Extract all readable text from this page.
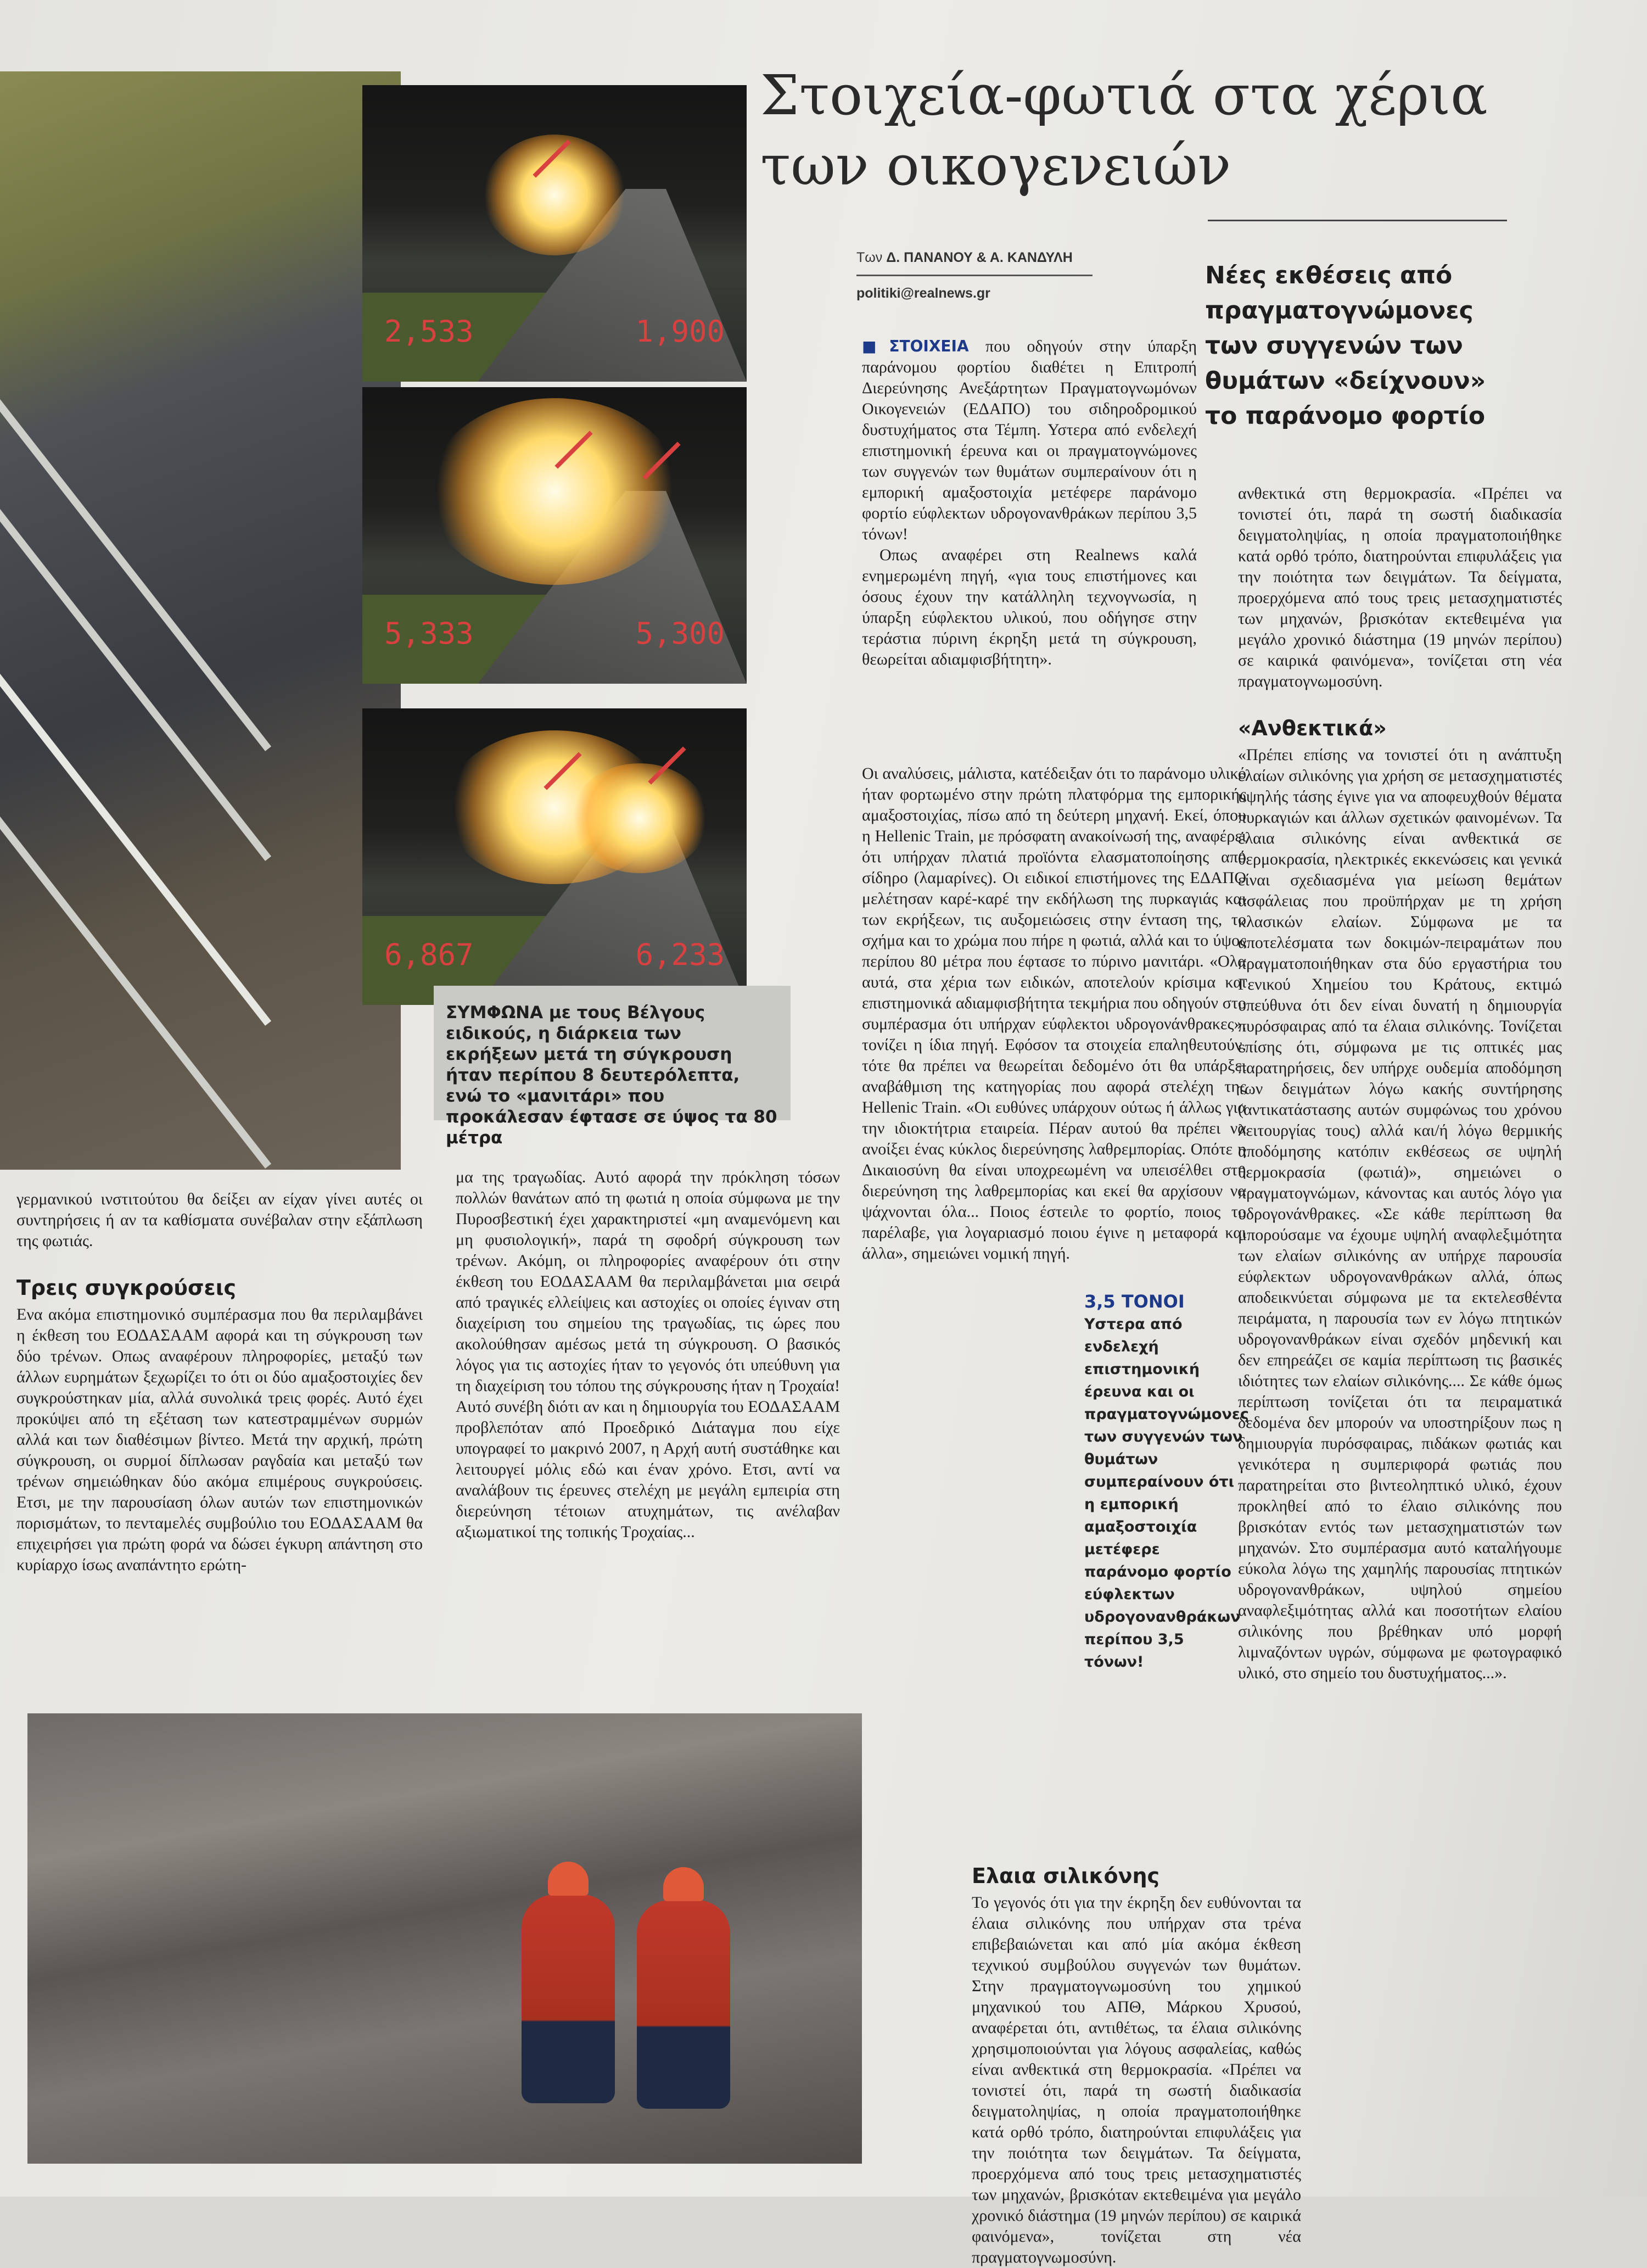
2,533	1,900
5,333	5,300
6,867	6,233
ΣΥΜΦΩΝΑ με τους Βέλγους ειδικούς, η διάρκεια των εκρήξεων μετά τη σύγκρουση ήταν περίπου 8 δευτερόλεπτα, ενώ το «μανιτάρι» που προκάλεσαν έφτασε σε ύψος τα 80 μέτρα
Στοιχεία-φωτιά στα χέρια των οικογενειών
Των Δ. ΠΑΝΑΝΟΥ & Α. ΚΑΝΔΥΛΗ
politiki@realnews.gr
Νέες εκθέσεις από πραγματογνώμονες των συγγενών των θυμάτων «δείχνουν» το παράνομο φορτίο

■ ΣΤΟΙΧΕΙΑ που οδηγούν στην ύπαρξη παράνομου φορτίου διαθέτει η Επιτροπή Διερεύνησης Ανεξάρτητων Πραγματογνωμόνων Οικογενειών (ΕΔΑΠΟ) του σιδηροδρομικού δυστυχήματος στα Τέμπη. Υστερα από ενδελεχή επιστημονική έρευνα και οι πραγματογνώμονες των συγγενών των θυμάτων συμπεραίνουν ότι η εμπορική αμαξοστοιχία μετέφερε παράνομο φορτίο εύφλεκτων υδρογονανθράκων περίπου 3,5 τόνων!

Οπως αναφέρει στη Realnews καλά ενημερωμένη πηγή, «για τους επιστήμονες και όσους έχουν την κατάλληλη τεχνογνωσία, η ύπαρξη εύφλεκτου υλικού, που οδήγησε στην τεράστια πύρινη έκρηξη μετά τη σύγκρουση, θεωρείται αδιαμφισβήτητη».

Οι αναλύσεις, μάλιστα, κατέδειξαν ότι το παράνομο υλικό ήταν φορτωμένο στην πρώτη πλατφόρμα της εμπορικής αμαξοστοιχίας, πίσω από τη δεύτερη μηχανή. Εκεί, όπου η Hellenic Train, με πρόσφατη ανακοίνωσή της, αναφέρει ότι υπήρχαν πλατιά προϊόντα ελασματοποίησης από σίδηρο (λαμαρίνες). Οι ειδικοί επιστήμονες της ΕΔΑΠΟ μελέτησαν καρέ-καρέ την εκδήλωση της πυρκαγιάς και των εκρήξεων, τις αυξομειώσεις στην ένταση της, το σχήμα και το χρώμα που πήρε η φωτιά, αλλά και το ύψος περίπου 80 μέτρα που έφτασε το πύρινο μανιτάρι. «Ολα αυτά, στα χέρια των ειδικών, αποτελούν κρίσιμα και επιστημονικά αδιαμφισβήτητα τεκμήρια που οδηγούν στο συμπέρασμα ότι υπήρχαν εύφλεκτοι υδρογονάνθρακες», τονίζει η ίδια πηγή. Εφόσον τα στοιχεία επαληθευτούν, τότε θα πρέπει να θεωρείται δεδομένο ότι θα υπάρξει αναβάθμιση της κατηγορίας που αφορά στελέχη της Hellenic Train. «Οι ευθύνες υπάρχουν ούτως ή άλλως για την ιδιοκτήτρια εταιρεία. Πέραν αυτού θα πρέπει να ανοίξει ένας κύκλος διερεύνησης λαθρεμπορίας. Οπότε η Δικαιοσύνη θα είναι υποχρεωμένη να υπεισέλθει στη διερεύνηση της λαθρεμπορίας και εκεί θα αρχίσουν να ψάχνονται όλα... Ποιος έστειλε το φορτίο, ποιος το παρέλαβε, για λογαριασμό ποιου έγινε η μεταφορά και άλλα», σημειώνει νομική πηγή.

3,5 ΤΟΝΟΙ
Υστερα από ενδελεχή επιστημονική έρευνα και οι πραγματογνώμονες των συγγενών των θυμάτων συμπεραίνουν ότι η εμπορική αμαξοστοιχία μετέφερε παράνομο φορτίο εύφλεκτων υδρογονανθράκων περίπου 3,5 τόνων!
Ελαια σιλικόνης

Το γεγονός ότι για την έκρηξη δεν ευθύνονται τα έλαια σιλικόνης που υπήρχαν στα τρένα επιβεβαιώνεται και από μία ακόμα έκθεση τεχνικού συμβούλου συγγενών των θυμάτων. Στην πραγματογνωμοσύνη του χημικού μηχανικού του ΑΠΘ, Μάρκου Χρυσού, αναφέρεται ότι, αντιθέτως, τα έλαια σιλικόνης χρησιμοποιούνται για λόγους ασφαλείας, καθώς είναι ανθεκτικά στη θερμοκρασία. «Πρέπει να τονιστεί ότι, παρά τη σωστή διαδικασία δειγματοληψίας, η οποία πραγματοποιήθηκε κατά ορθό τρόπο, διατηρούνται επιφυλάξεις για την ποιότητα των δειγμάτων. Τα δείγματα, προερχόμενα από τους τρεις μετασχηματιστές των μηχανών, βρισκόταν εκτεθειμένα για μεγάλο χρονικό διάστημα (19 μηνών περίπου) σε καιρικά φαινόμενα», τονίζεται στη νέα πραγματογνωμοσύνη.

ανθεκτικά στη θερμοκρασία. «Πρέπει να τονιστεί ότι, παρά τη σωστή διαδικασία δειγματοληψίας, η οποία πραγματοποιήθηκε κατά ορθό τρόπο, διατηρούνται επιφυλάξεις για την ποιότητα των δειγμάτων. Τα δείγματα, προερχόμενα από τους τρεις μετασχηματιστές των μηχανών, βρισκόταν εκτεθειμένα για μεγάλο χρονικό διάστημα (19 μηνών περίπου) σε καιρικά φαινόμενα», τονίζεται στη νέα πραγματογνωμοσύνη.

«Ανθεκτικά»

«Πρέπει επίσης να τονιστεί ότι η ανάπτυξη ελαίων σιλικόνης για χρήση σε μετασχηματιστές υψηλής τάσης έγινε για να αποφευχθούν θέματα πυρκαγιών και άλλων σχετικών φαινομένων. Τα έλαια σιλικόνης είναι ανθεκτικά σε θερμοκρασία, ηλεκτρικές εκκενώσεις και γενικά είναι σχεδιασμένα για μείωση θεμάτων ασφάλειας που προϋπήρχαν με τη χρήση κλασικών ελαίων. Σύμφωνα με τα αποτελέσματα των δοκιμών-πειραμάτων που πραγματοποιήθηκαν στα δύο εργαστήρια του Γενικού Χημείου του Κράτους, εκτιμώ υπεύθυνα ότι δεν είναι δυνατή η δημιουργία πυρόσφαιρας από τα έλαια σιλικόνης. Τονίζεται επίσης ότι, σύμφωνα με τις οπτικές μας παρατηρήσεις, δεν υπήρχε ουδεμία αποδόμηση των δειγμάτων λόγω κακής συντήρησης (αντικατάστασης αυτών συμφώνως του χρόνου λειτουργίας τους) αλλά και/ή λόγω θερμικής αποδόμησης κατόπιν εκθέσεως σε υψηλή θερμοκρασία (φωτιά)», σημειώνει ο πραγματογνώμων, κάνοντας και αυτός λόγο για υδρογονάνθρακες. «Σε κάθε περίπτωση θα μπορούσαμε να έχουμε υψηλή αναφλεξιμότητα των ελαίων σιλικόνης αν υπήρχε παρουσία εύφλεκτων υδρογονανθράκων αλλά, όπως αποδεικνύεται σύμφωνα με τα εκτελεσθέντα πειράματα, η παρουσία των εν λόγω πτητικών υδρογονανθράκων είναι σχεδόν μηδενική και δεν επηρεάζει σε καμία περίπτωση τις βασικές ιδιότητες των ελαίων σιλικόνης.... Σε κάθε όμως περίπτωση τονίζεται ότι τα πειραματικά δεδομένα δεν μπορούν να υποστηρίξουν πως η δημιουργία πυρόσφαιρας, πιδάκων φωτιάς και γενικότερα η συμπεριφορά φωτιάς που παρατηρείται στο βιντεοληπτικό υλικό, έχουν προκληθεί από το έλαιο σιλικόνης που βρισκόταν εντός των μετασχηματιστών των μηχανών. Στο συμπέρασμα αυτό καταλήγουμε εύκολα λόγω της χαμηλής παρουσίας πτητικών υδρογονανθράκων, υψηλού σημείου αναφλεξιμότητας αλλά και ποσοτήτων ελαίου σιλικόνης που βρέθηκαν υπό μορφή λιμναζόντων υγρών, σύμφωνα με φωτογραφικό υλικό, στο σημείο του δυστυχήματος...».

γερμανικού ινστιτούτου θα δείξει αν είχαν γίνει αυτές οι συντηρήσεις ή αν τα καθίσματα συνέβαλαν στην εξάπλωση της φωτιάς.

Τρεις συγκρούσεις

Ενα ακόμα επιστημονικό συμπέρασμα που θα περιλαμβάνει η έκθεση του ΕΟΔΑΣΑΑΜ αφορά και τη σύγκρουση των δύο τρένων. Οπως αναφέρουν πληροφορίες, μεταξύ των άλλων ευρημάτων ξεχωρίζει το ότι οι δύο αμαξοστοιχίες δεν συγκρούστηκαν μία, αλλά συνολικά τρεις φορές. Αυτό έχει προκύψει από τη εξέταση των κατεστραμμένων συρμών αλλά και των διαθέσιμων βίντεο. Μετά την αρχική, πρώτη σύγκρουση, οι συρμοί δίπλωσαν ραγδαία και μεταξύ των τρένων σημειώθηκαν δύο ακόμα επιμέρους συγκρούσεις. Ετσι, με την παρουσίαση όλων αυτών των επιστημονικών πορισμάτων, το πενταμελές συμβούλιο του ΕΟΔΑΣΑΑΜ θα επιχειρήσει για πρώτη φορά να δώσει έγκυρη απάντηση στο κυρίαρχο ίσως αναπάντητο ερώτη-

μα της τραγωδίας. Αυτό αφορά την πρόκληση τόσων πολλών θανάτων από τη φωτιά η οποία σύμφωνα με την Πυροσβεστική έχει χαρακτηριστεί «μη αναμενόμενη και μη φυσιολογική», παρά τη σφοδρή σύγκρουση των τρένων. Ακόμη, οι πληροφορίες αναφέρουν ότι στην έκθεση του ΕΟΔΑΣΑΑΜ θα περιλαμβάνεται μια σειρά από τραγικές ελλείψεις και αστοχίες οι οποίες έγιναν στη διαχείριση του σημείου της τραγωδίας, τις ώρες που ακολούθησαν αμέσως μετά τη σύγκρουση. Ο βασικός λόγος για τις αστοχίες ήταν το γεγονός ότι υπεύθυνη για τη διαχείριση του τόπου της σύγκρουσης ήταν η Τροχαία! Αυτό συνέβη διότι αν και η δημιουργία του ΕΟΔΑΣΑΑΜ προβλεπόταν από Προεδρικό Διάταγμα που είχε υπογραφεί το μακρινό 2007, η Αρχή αυτή συστάθηκε και λειτουργεί μόλις εδώ και έναν χρόνο. Ετσι, αντί να αναλάβουν τις έρευνες στελέχη με μεγάλη εμπειρία στη διερεύνηση τέτοιων ατυχημάτων, τις ανέλαβαν αξιωματικοί της τοπικής Τροχαίας...
